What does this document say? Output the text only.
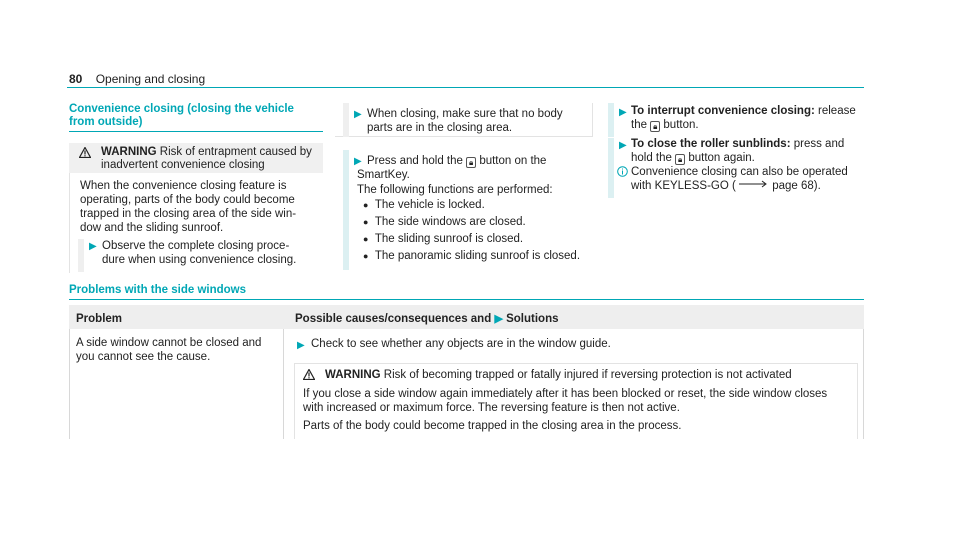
80 Opening and closing
Convenience closing (closing the vehicle
from outside)
WARNING Risk of entrapment caused by
inadvertent convenience closing
When the convenience closing feature is
operating, parts of the body could become
trapped in the closing area of the side win-
dow and the sliding sunroof.
▶ Observe the complete closing proce-
dure when using convenience closing.
▶ When closing, make sure that no body
parts are in the closing area.
▶ Press and hold the 🔒︎ button on the
SmartKey.
The following functions are performed:
● The vehicle is locked.
● The side windows are closed.
● The sliding sunroof is closed.
● The panoramic sliding sunroof is closed.
▶ To interrupt convenience closing: release
the 🔒︎ button.
▶ To close the roller sunblinds: press and
hold the 🔒︎ button again.
Convenience closing can also be operated
with KEYLESS-GO (	page 68).
Problems with the side windows
Problem	Possible causes/consequences and ▶ Solutions
A side window cannot be closed and
you cannot see the cause.
▶ Check to see whether any objects are in the window guide.
WARNING Risk of becoming trapped or fatally injured if reversing protection is not activated
If you close a side window again immediately after it has been blocked or reset, the side window closes
with increased or maximum force. The reversing feature is then not active.
Parts of the body could become trapped in the closing area in the process.
